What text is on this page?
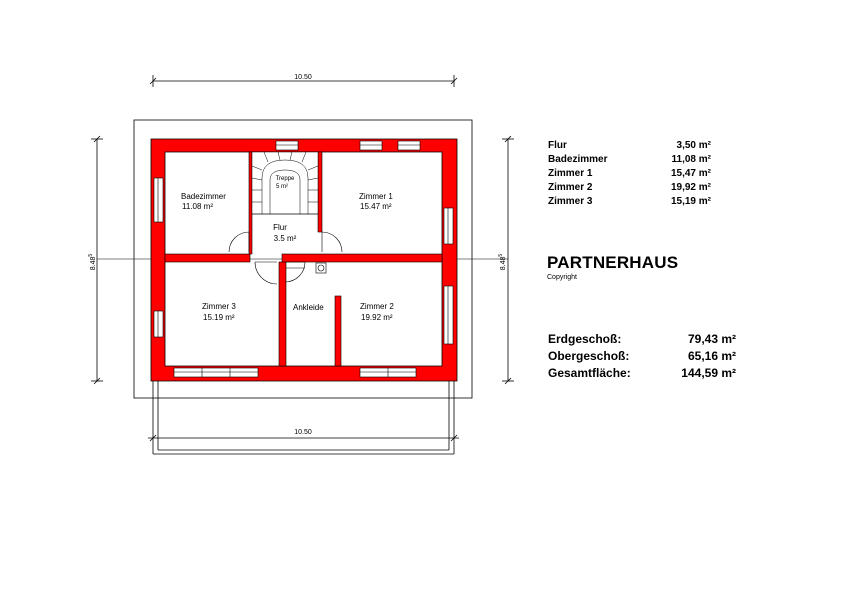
10.50
8.48$^5$
8.48$^5$
10.50
Badezimmer
11.08 m²
Treppe
5 m²
Zimmer 1
15.47 m²
Flur
3.5 m²
Zimmer 3
15.19 m²
Ankleide	Zimmer 2
19.92 m²
Flur	3,50 m²
Badezimmer	11,08 m²
Zimmer 1	15,47 m²
Zimmer 2	19,92 m²
Zimmer 3	15,19 m²
PARTNERHAUS
Copyright
Erdgeschoß:	79,43 m²
Obergeschoß:	65,16 m²
Gesamtfläche:	144,59 m²
